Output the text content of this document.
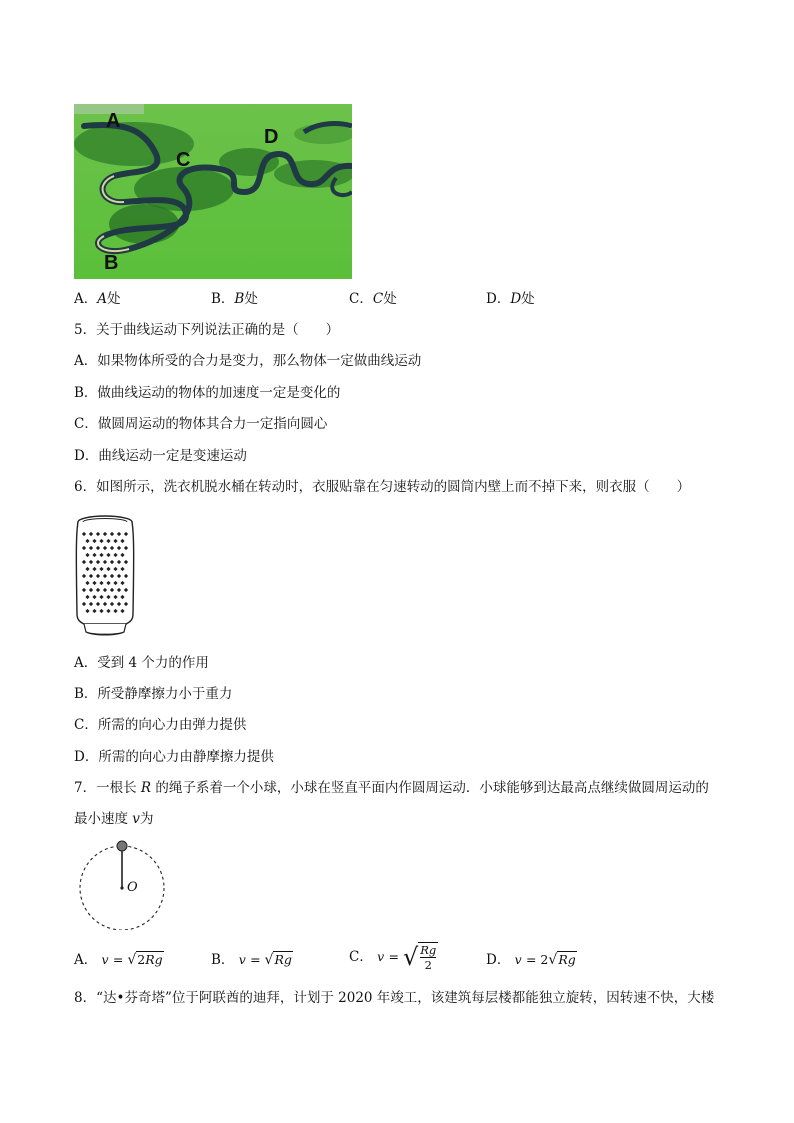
A
B
C
D
A．A处	B．B处	C．C处	D．D处
5．关于曲线运动下列说法正确的是（　　）
A．如果物体所受的合力是变力，那么物体一定做曲线运动
B．做曲线运动的物体的加速度一定是变化的
C．做圆周运动的物体其合力一定指向圆心
D．曲线运动一定是变速运动
6．如图所示，洗衣机脱水桶在转动时，衣服贴靠在匀速转动的圆筒内壁上而不掉下来，则衣服（　　）
A．受到 4 个力的作用
B．所受静摩擦力小于重力
C．所需的向心力由弹力提供
D．所需的向心力由静摩擦力提供
7．一根长 R 的绳子系着一个小球，小球在竖直平面内作圆周运动．小球能够到达最高点继续做圆周运动的
最小速度 v为
O
A． v = √2Rg	B． v = √Rg	C． v = √ $\frac{Rg}{2}$	D． v = 2√Rg
8．“达•芬奇塔”位于阿联酋的迪拜，计划于 2020 年竣工，该建筑每层楼都能独立旋转，因转速不快，大楼
